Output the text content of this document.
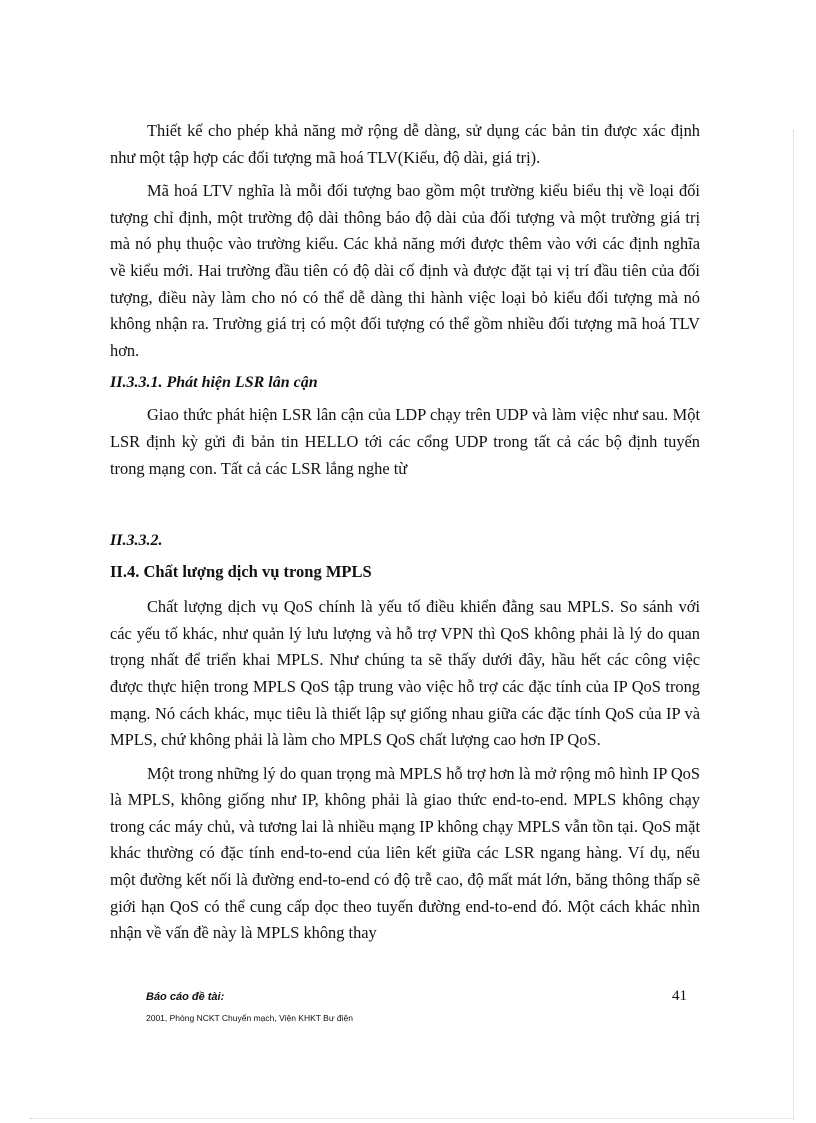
Thiết kế cho phép khả năng mở rộng dễ dàng, sử dụng các bản tin được xác định như một tập hợp các đối tượng mã hoá TLV(Kiểu, độ dài, giá trị).

Mã hoá LTV nghĩa là mỗi đối tượng bao gồm một trường kiểu biểu thị về loại đối tượng chỉ định, một trường độ dài thông báo độ dài của đối tượng và một trường giá trị mà nó phụ thuộc vào trường kiểu. Các khả năng mới được thêm vào với các định nghĩa về kiểu mới. Hai trường đầu tiên có độ dài cố định và được đặt tại vị trí đầu tiên của đối tượng, điều này làm cho nó có thể dễ dàng thi hành việc loại bỏ kiểu đối tượng mà nó không nhận ra. Trường giá trị có một đối tượng có thể gồm nhiều đối tượng mã hoá TLV hơn.

II.3.3.1. Phát hiện LSR lân cận

Giao thức phát hiện LSR lân cận của LDP chạy trên UDP và làm việc như sau. Một LSR định kỳ gửi đi bản tin HELLO tới các cổng UDP trong tất cả các bộ định tuyến trong mạng con. Tất cả các LSR lắng nghe từ

II.3.3.2.
II.4. Chất lượng dịch vụ trong MPLS

Chất lượng dịch vụ QoS chính là yếu tố điều khiển đằng sau MPLS. So sánh với các yếu tố khác, như quản lý lưu lượng và hỗ trợ VPN thì QoS không phải là lý do quan trọng nhất để triển khai MPLS. Như chúng ta sẽ thấy dưới đây, hầu hết các công việc được thực hiện trong MPLS QoS tập trung vào việc hỗ trợ các đặc tính của IP QoS trong mạng. Nó cách khác, mục tiêu là thiết lập sự giống nhau giữa các đặc tính QoS của IP và MPLS, chứ không phải là làm cho MPLS QoS chất lượng cao hơn IP QoS.

Một trong những lý do quan trọng mà MPLS hỗ trợ hơn là mở rộng mô hình IP QoS là MPLS, không giống như IP, không phải là giao thức end-to-end. MPLS không chạy trong các máy chủ, và tương lai là nhiều mạng IP không chạy MPLS vẫn tồn tại. QoS mặt khác thường có đặc tính end-to-end của liên kết giữa các LSR ngang hàng. Ví dụ, nếu một đường kết nối là đường end-to-end có độ trễ cao, độ mất mát lớn, băng thông thấp sẽ giới hạn QoS có thể cung cấp dọc theo tuyến đường end-to-end đó. Một cách khác nhìn nhận về vấn đề này là MPLS không thay

Báo cáo đề tài:	41
2001, Phòng NCKT Chuyển mạch, Viện KHKT Bư điện
